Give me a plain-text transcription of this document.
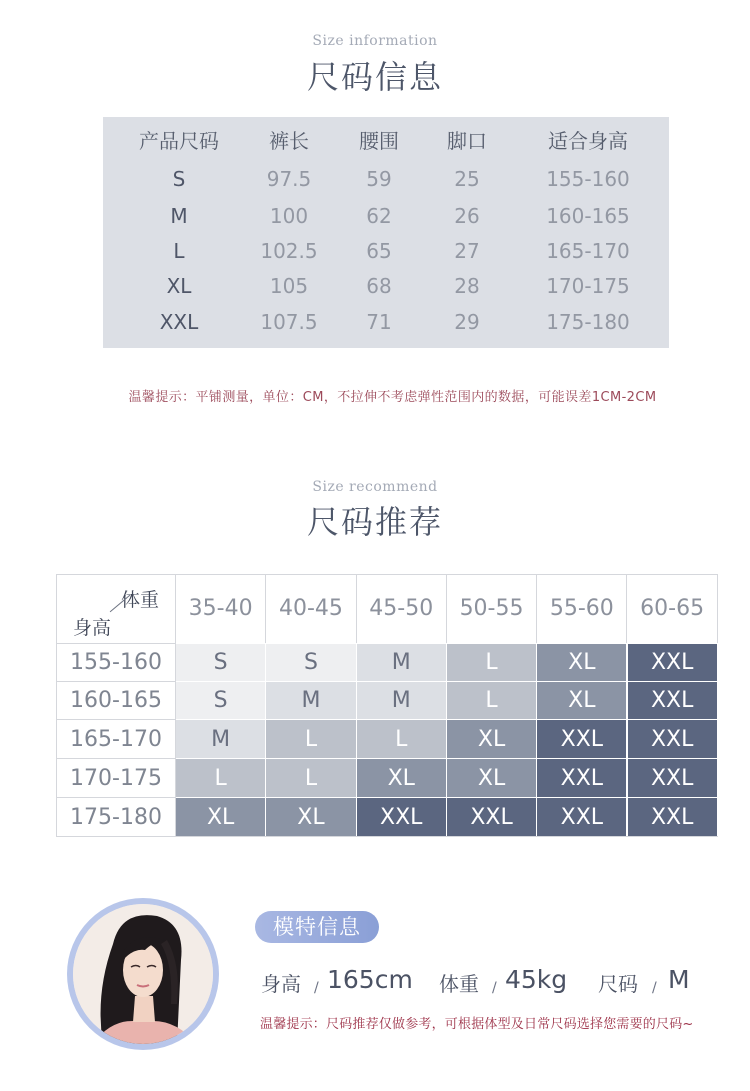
Size information
尺码信息
产品尺码	裤长	腰围	脚口	适合身高
S	97.5	59	25	155-160
M	100	62	26	160-165
L	102.5	65	27	165-170
XL	105	68	28	170-175
XXL	107.5	71	29	175-180
温馨提示：平铺测量，单位：CM，不拉伸不考虑弹性范围内的数据，可能误差1CM-2CM
Size recommend
尺码推荐
体重
身高
35-40	40-45	45-50	50-55	55-60	60-65
155-160	S	S	M	L	XL	XXL
160-165	S	M	M	L	XL	XXL
165-170	M	L	L	XL	XXL	XXL
170-175	L	L	XL	XL	XXL	XXL
175-180	XL	XL	XXL	XXL	XXL	XXL
模特信息
身高 / 165cm 体重 / 45kg 尺码 / M
温馨提示：尺码推荐仅做参考，可根据体型及日常尺码选择您需要的尺码~
